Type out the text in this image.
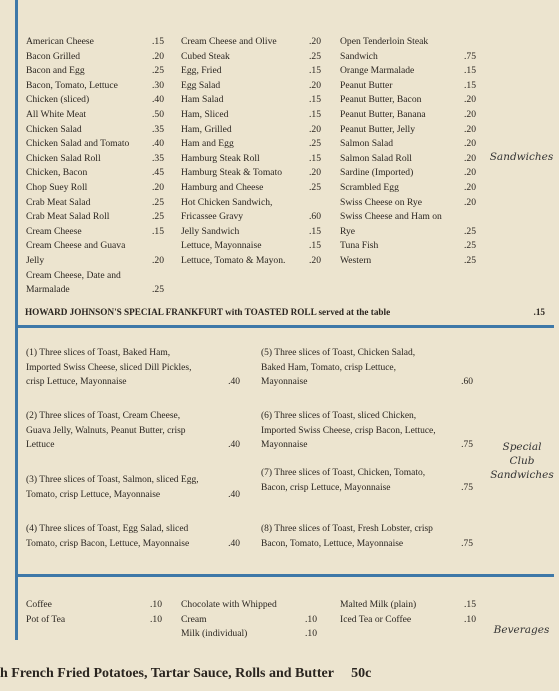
American Cheese	.15
Bacon Grilled	.20
Bacon and Egg	.25
Bacon, Tomato, Lettuce	.30
Chicken (sliced)	.40
All White Meat	.50
Chicken Salad	.35
Chicken Salad and Tomato	.40
Chicken Salad Roll	.35
Chicken, Bacon	.45
Chop Suey Roll	.20
Crab Meat Salad	.25
Crab Meat Salad Roll	.25
Cream Cheese	.15
Cream Cheese and Guava Jelly	.20
Cream Cheese, Date and Marmalade	.25
Cream Cheese and Olive	.20
Cubed Steak	.25
Egg, Fried	.15
Egg Salad	.20
Ham Salad	.15
Ham, Sliced	.15
Ham, Grilled	.20
Ham and Egg	.25
Hamburg Steak Roll	.15
Hamburg Steak & Tomato	.20
Hamburg and Cheese	.25
Hot Chicken Sandwich, Fricassee Gravy	.60
Jelly Sandwich	.15
Lettuce, Mayonnaise	.15
Lettuce, Tomato & Mayon.	.20
Open Tenderloin Steak Sandwich	.75
Orange Marmalade	.15
Peanut Butter	.15
Peanut Butter, Bacon	.20
Peanut Butter, Banana	.20
Peanut Butter, Jelly	.20
Salmon Salad	.20
Salmon Salad Roll	.20
Sardine (Imported)	.20
Scrambled Egg	.20
Swiss Cheese on Rye	.20
Swiss Cheese and Ham on Rye	.25
Tuna Fish	.25
Western	.25
Sandwiches
HOWARD JOHNSON'S SPECIAL FRANKFURT with TOASTED ROLL served at the table	.15
(1) Three slices of Toast, Baked Ham, Imported Swiss Cheese, sliced Dill Pickles, crisp Lettuce, Mayonnaise	.40
(2) Three slices of Toast, Cream Cheese, Guava Jelly, Walnuts, Peanut Butter, crisp Lettuce	.40
(3) Three slices of Toast, Salmon, sliced Egg, Tomato, crisp Lettuce, Mayonnaise	.40
(4) Three slices of Toast, Egg Salad, sliced Tomato, crisp Bacon, Lettuce, Mayonnaise	.40
(5) Three slices of Toast, Chicken Salad, Baked Ham, Tomato, crisp Lettuce, Mayonnaise	.60
(6) Three slices of Toast, sliced Chicken, Imported Swiss Cheese, crisp Bacon, Lettuce, Mayonnaise	.75
(7) Three slices of Toast, Chicken, Tomato, Bacon, crisp Lettuce, Mayonnaise	.75
(8) Three slices of Toast, Fresh Lobster, crisp Bacon, Tomato, Lettuce, Mayonnaise	.75
Special
Club
Sandwiches
Coffee	.10
Pot of Tea	.10
Chocolate with Whipped Cream	.10
Milk (individual)	.10
Malted Milk (plain)	.15
Iced Tea or Coffee	.10
Beverages
h French Fried Potatoes, Tartar Sauce, Rolls and Butter 50c
